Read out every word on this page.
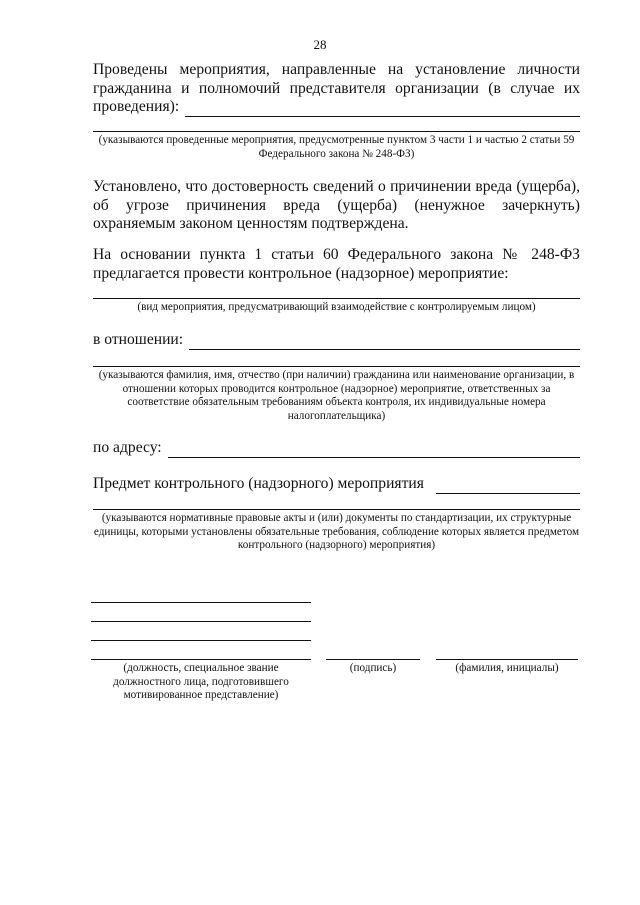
28
Проведены мероприятия, направленные на установление личности
гражданина и полномочий представителя организации (в случае их
проведения):
(указываются проведенные мероприятия, предусмотренные пунктом 3 части 1 и частью 2 статьи 59 Федерального закона № 248-ФЗ)
Установлено, что достоверность сведений о причинении вреда (ущерба), об угрозе причинения вреда (ущерба) (ненужное зачеркнуть) охраняемым законом ценностям подтверждена.
На основании пункта 1 статьи 60 Федерального закона № 248-ФЗ предлагается провести контрольное (надзорное) мероприятие:
(вид мероприятия, предусматривающий взаимодействие с контролируемым лицом)
в отношении:
(указываются фамилия, имя, отчество (при наличии) гражданина или наименование организации, в отношении которых проводится контрольное (надзорное) мероприятие, ответственных за соответствие обязательным требованиям объекта контроля, их индивидуальные номера налогоплательщика)
по адресу:
Предмет контрольного (надзорного) мероприятия
(указываются нормативные правовые акты и (или) документы по стандартизации, их структурные единицы, которыми установлены обязательные требования, соблюдение которых является предметом контрольного (надзорного) мероприятия)
(должность, специальное звание должностного лица, подготовившего мотивированное представление)
(подпись)	(фамилия, инициалы)
